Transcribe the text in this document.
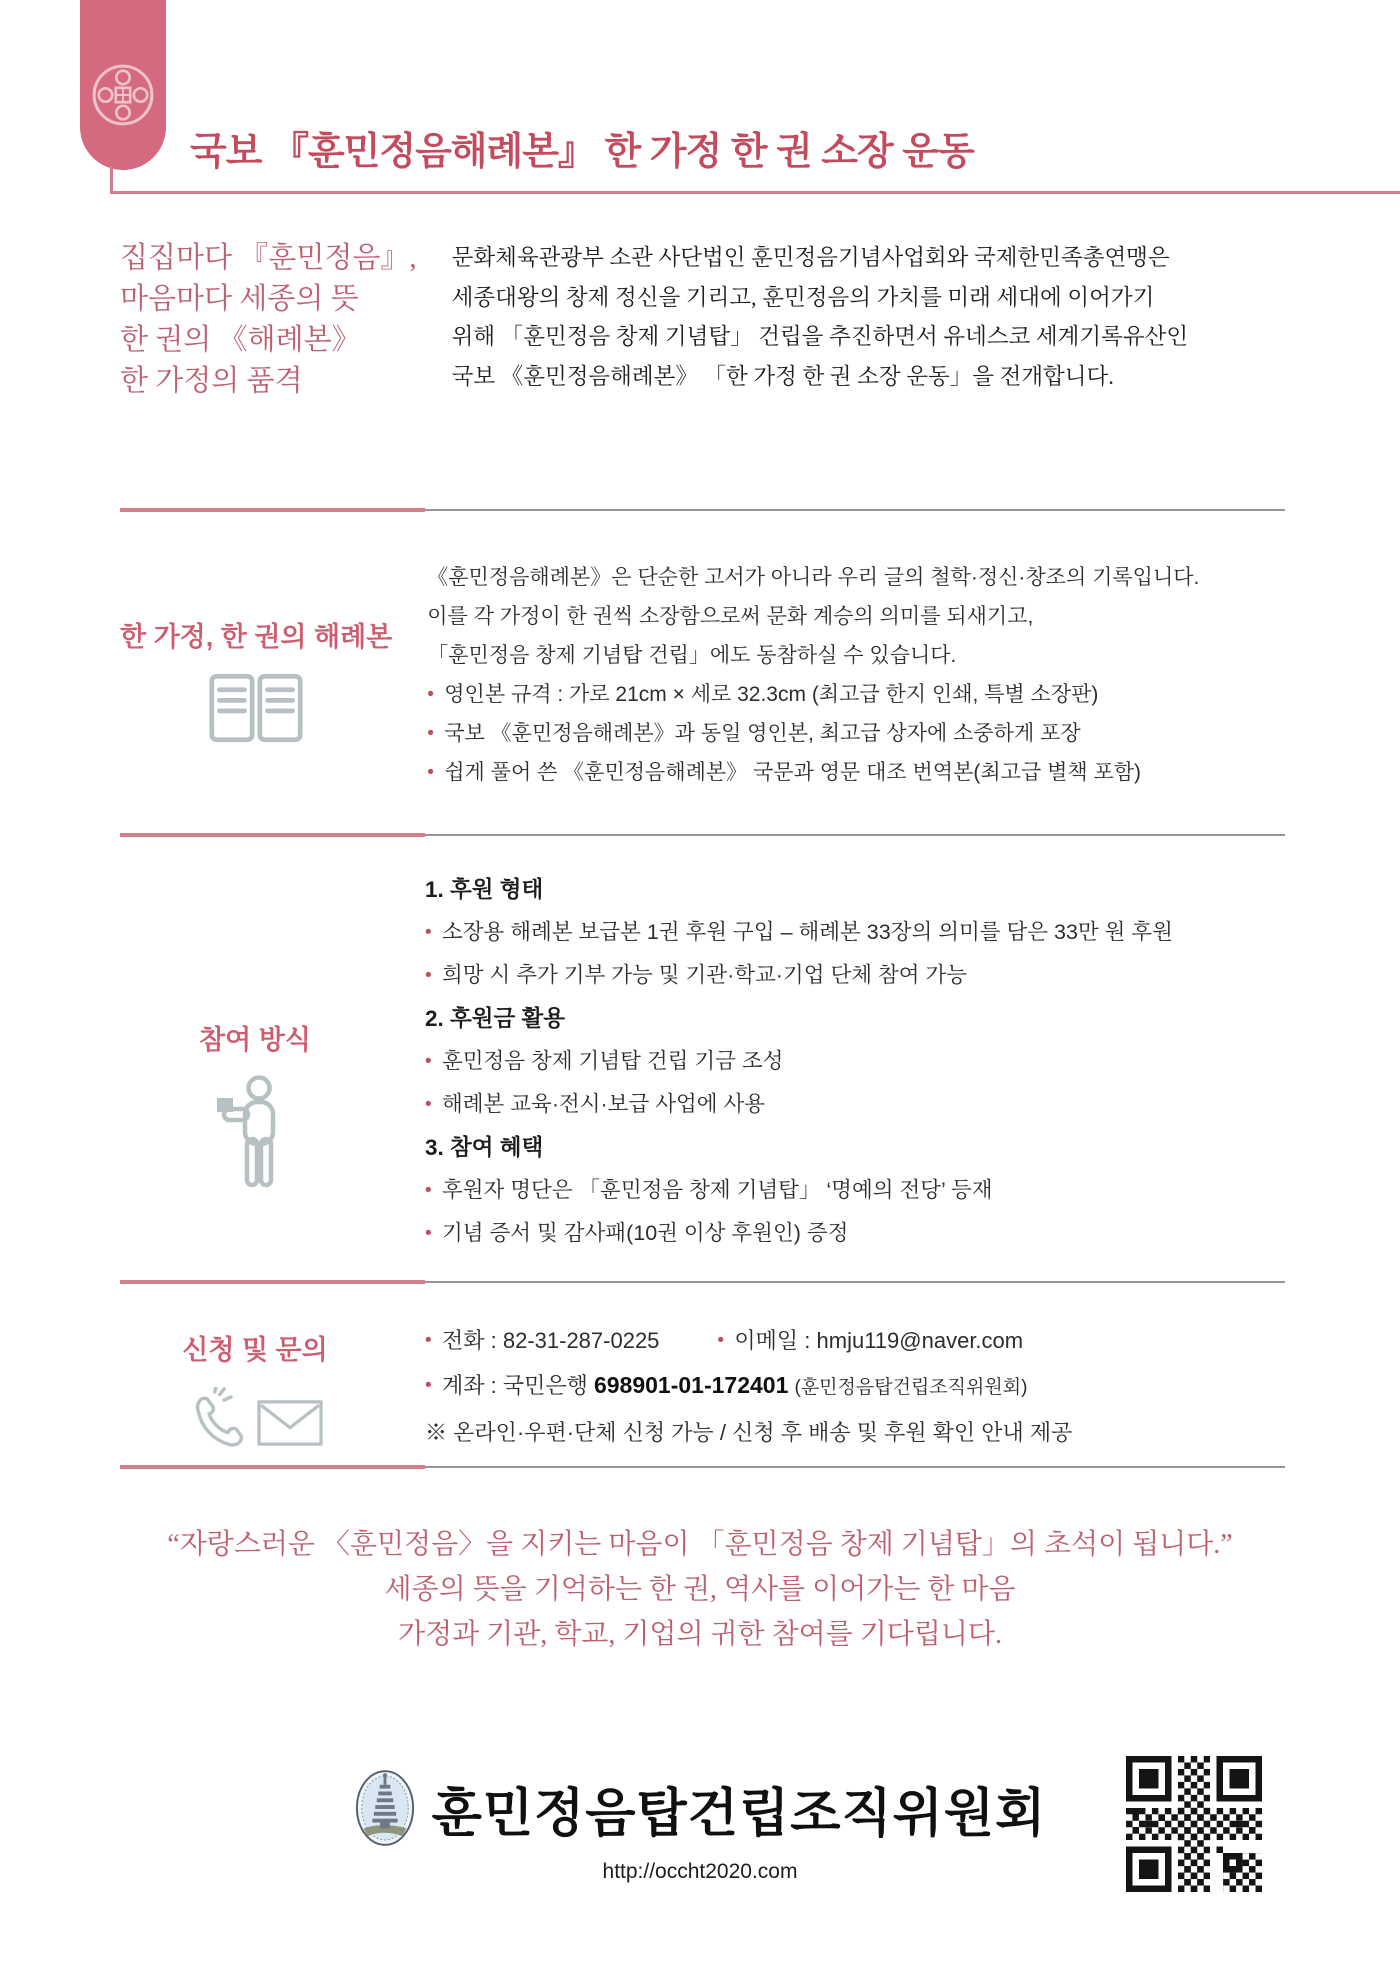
국보 『훈민정음해례본』 한 가정 한 권 소장 운동
집집마다 『훈민정음』,
마음마다 세종의 뜻
한 권의 《해례본》
한 가정의 품격
문화체육관광부 소관 사단법인 훈민정음기념사업회와 국제한민족총연맹은
세종대왕의 창제 정신을 기리고, 훈민정음의 가치를 미래 세대에 이어가기
위해 「훈민정음 창제 기념탑」 건립을 추진하면서 유네스코 세계기록유산인
국보 《훈민정음해례본》 「한 가정 한 권 소장 운동」을 전개합니다.
한 가정, 한 권의 해례본
《훈민정음해례본》은 단순한 고서가 아니라 우리 글의 철학·정신·창조의 기록입니다.
이를 각 가정이 한 권씩 소장함으로써 문화 계승의 의미를 되새기고,
「훈민정음 창제 기념탑 건립」에도 동참하실 수 있습니다.
• 영인본 규격 : 가로 21cm × 세로 32.3cm (최고급 한지 인쇄, 특별 소장판)
• 국보 《훈민정음해례본》과 동일 영인본, 최고급 상자에 소중하게 포장
• 쉽게 풀어 쓴 《훈민정음해례본》 국문과 영문 대조 번역본(최고급 별책 포함)
참여 방식
1. 후원 형태
• 소장용 해례본 보급본 1권 후원 구입 – 해례본 33장의 의미를 담은 33만 원 후원
• 희망 시 추가 기부 가능 및 기관·학교·기업 단체 참여 가능
2. 후원금 활용
• 훈민정음 창제 기념탑 건립 기금 조성
• 해례본 교육·전시·보급 사업에 사용
3. 참여 혜택
• 후원자 명단은 「훈민정음 창제 기념탑」 ‘명예의 전당’ 등재
• 기념 증서 및 감사패(10권 이상 후원인) 증정
신청 및 문의	• 전화 : 82-31-287-0225	• 이메일 : hmju119@naver.com
• 계좌 : 국민은행 698901-01-172401 (훈민정음탑건립조직위원회)
※ 온라인·우편·단체 신청 가능 / 신청 후 배송 및 후원 확인 안내 제공
“자랑스러운 〈훈민정음〉을 지키는 마음이 「훈민정음 창제 기념탑」의 초석이 됩니다.”
세종의 뜻을 기억하는 한 권, 역사를 이어가는 한 마음
가정과 기관, 학교, 기업의 귀한 참여를 기다립니다.
훈민정음탑건립조직위원회
http://occht2020.com
